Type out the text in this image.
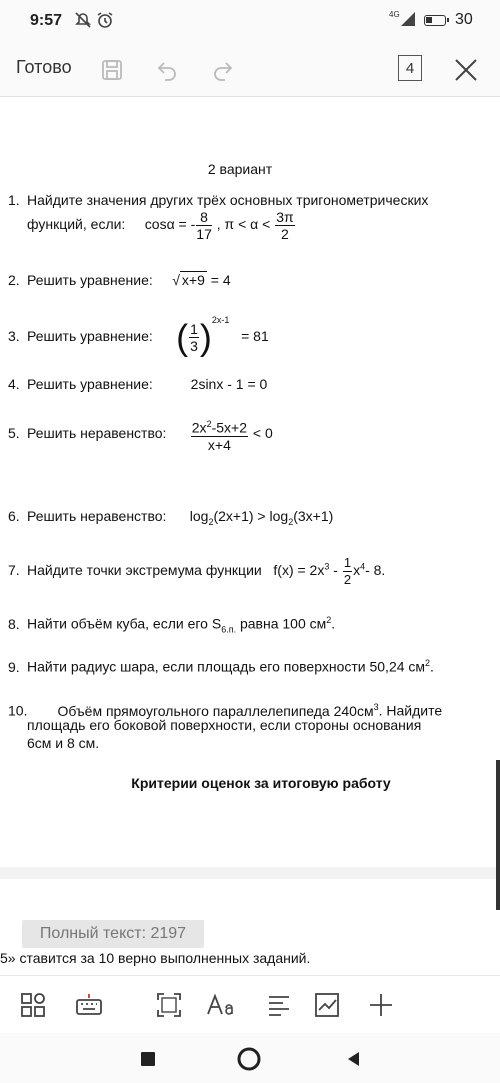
9:57	4G	30
Готово	4
2 вариант
1. Найдите значения других трёх основных тригонометрических
функций, если: cosα = - $\frac{8}{17}$ , $\pi < \alpha < \frac{3\pi}{2}$
2. Решить уравнение: √ x+9 = 4
3. Решить уравнение: ( $\frac{1}{3} )^{2x-1} = 81$
4. Решить уравнение:	2sinx - 1 = 0
5. Решить неравенство: $\frac{2x^2-5x+2}{x+4} < 0$
6. Решить неравенство: $\log_2(2x+1) > \log_2(3x+1)$
7. Найдите точки экстремума функции $f(x) = 2x^3 - \frac{1}{2} x^4-$ 8.
8. Найти объём куба, если его $S_{6.п.}$ равна 100 $см^2$.
9. Найти радиус шара, если площадь его поверхности 50,24 $см^2$.
10. Объём прямоугольного параллелепипеда $240см^3$. Найдите
площадь его боковой поверхности, если стороны основания
6см и 8 см.
Критерии оценок за итоговую работу
Полный текст: 2197
5» ставится за 10 верно выполненных заданий.
